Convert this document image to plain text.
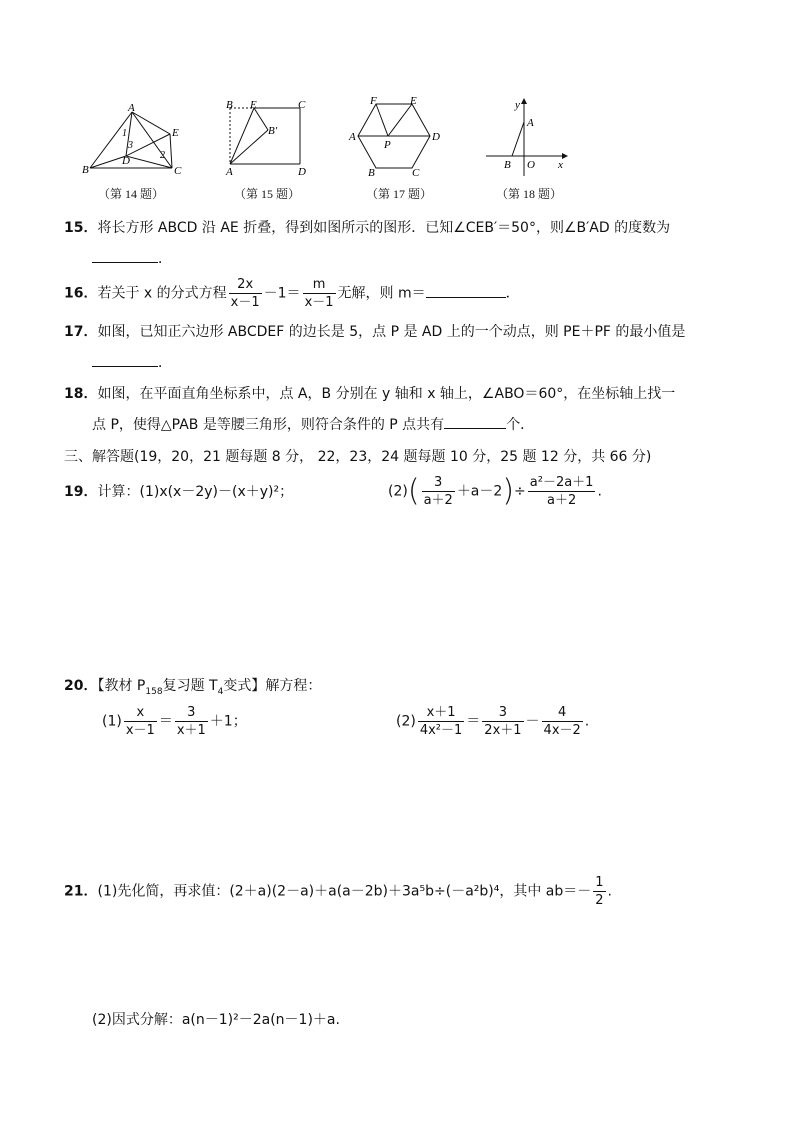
A
B	C
D
E
1
2
3
（第 14 题）
B E	C
B′
A	D
（第 15 题）
F	E
A
P
D
B	C
（第 17 题）
y
A
B O x
（第 18 题）
15．将长方形 ABCD 沿 AE 折叠，得到如图所示的图形．已知∠CEB′＝50°，则∠B′AD 的度数为
．
16．若关于 x 的分式方程 $\frac{2x}{x-1} -1= \frac{m}{x-1}$ 无解，则 m＝	．
17．如图，已知正六边形 ABCDEF 的边长是 5，点 P 是 AD 上的一个动点，则 PE＋PF 的最小值是
．
18．如图，在平面直角坐标系中，点 A，B 分别在 y 轴和 x 轴上，∠ABO＝60°，在坐标轴上找一
点 P，使得△PAB 是等腰三角形，则符合条件的 P 点共有	个．
三、解答题(19，20，21 题每题 8 分， 22，23，24 题每题 10 分，25 题 12 分，共 66 分)
19．计算：(1)x(x－2y)－(x＋y)²；	$(2)( \frac{3}{a+2} +a-2)\div \frac{\text{a²－2a＋1}}{a+2}$ .
20．【教材 $P_{158}$复习题 $T_4$变式】解方程：
$(1) \frac{x}{x-1} = \frac{3}{x+1} +1$；	$(2) \frac{x+1}{\text{4x²－1}} = \frac{3}{2x+1} - \frac{4}{4x-2}$ .
21．(1)先化简，再求值：(2＋a)(2－a)＋a(a－2b)＋3a⁵b÷(－a²b)⁴，其中 $ab=- \frac{1}{2}$ .
(2)因式分解：a(n－1)²－2a(n－1)＋a.
